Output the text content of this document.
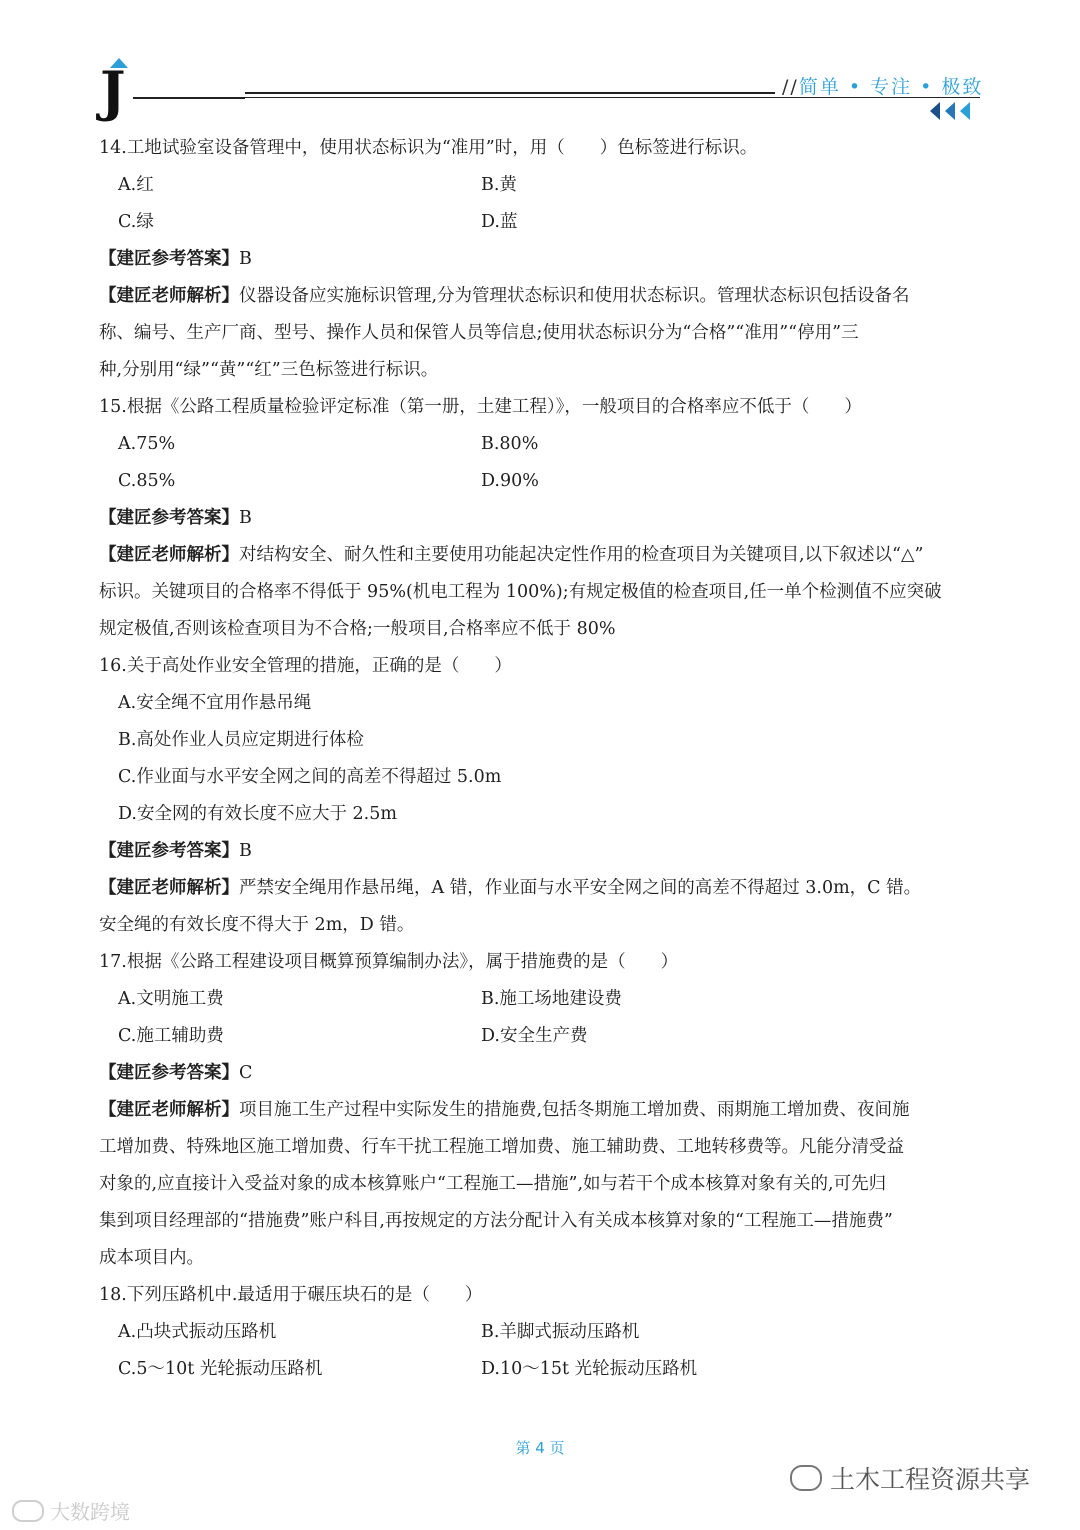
J	//简单 • 专注 • 极致
14.工地试验室设备管理中，使用状态标识为“准用”时，用（　　）色标签进行标识。
A.红	B.黄
C.绿	D.蓝
【建匠参考答案】B
【建匠老师解析】仪器设备应实施标识管理,分为管理状态标识和使用状态标识。管理状态标识包括设备名
称、编号、生产厂商、型号、操作人员和保管人员等信息;使用状态标识分为“合格”“准用”“停用”三
种,分别用“绿”“黄”“红”三色标签进行标识。
15.根据《公路工程质量检验评定标准（第一册，土建工程）》，一般项目的合格率应不低于（　　）
A.75%	B.80%
C.85%	D.90%
【建匠参考答案】B
【建匠老师解析】对结构安全、耐久性和主要使用功能起决定性作用的检查项目为关键项目,以下叙述以“△”
标识。关键项目的合格率不得低于 95%(机电工程为 100%);有规定极值的检查项目,任一单个检测值不应突破
规定极值,否则该检查项目为不合格;一般项目,合格率应不低于 80%
16.关于高处作业安全管理的措施，正确的是（　　）
A.安全绳不宜用作悬吊绳
B.高处作业人员应定期进行体检
C.作业面与水平安全网之间的高差不得超过 5.0m
D.安全网的有效长度不应大于 2.5m
【建匠参考答案】B
【建匠老师解析】严禁安全绳用作悬吊绳，A 错，作业面与水平安全网之间的高差不得超过 3.0m，C 错。
安全绳的有效长度不得大于 2m，D 错。
17.根据《公路工程建设项目概算预算编制办法》，属于措施费的是（　　）
A.文明施工费	B.施工场地建设费
C.施工辅助费	D.安全生产费
【建匠参考答案】C
【建匠老师解析】项目施工生产过程中实际发生的措施费,包括冬期施工增加费、雨期施工增加费、夜间施
工增加费、特殊地区施工增加费、行车干扰工程施工增加费、施工辅助费、工地转移费等。凡能分清受益
对象的,应直接计入受益对象的成本核算账户“工程施工—措施”,如与若干个成本核算对象有关的,可先归
集到项目经理部的“措施费”账户科目,再按规定的方法分配计入有关成本核算对象的“工程施工—措施费”
成本项目内。
18.下列压路机中.最适用于碾压块石的是（　　）
A.凸块式振动压路机	B.羊脚式振动压路机
C.5～10t 光轮振动压路机	D.10～15t 光轮振动压路机
第 4 页
大数跨境
土木工程资源共享
